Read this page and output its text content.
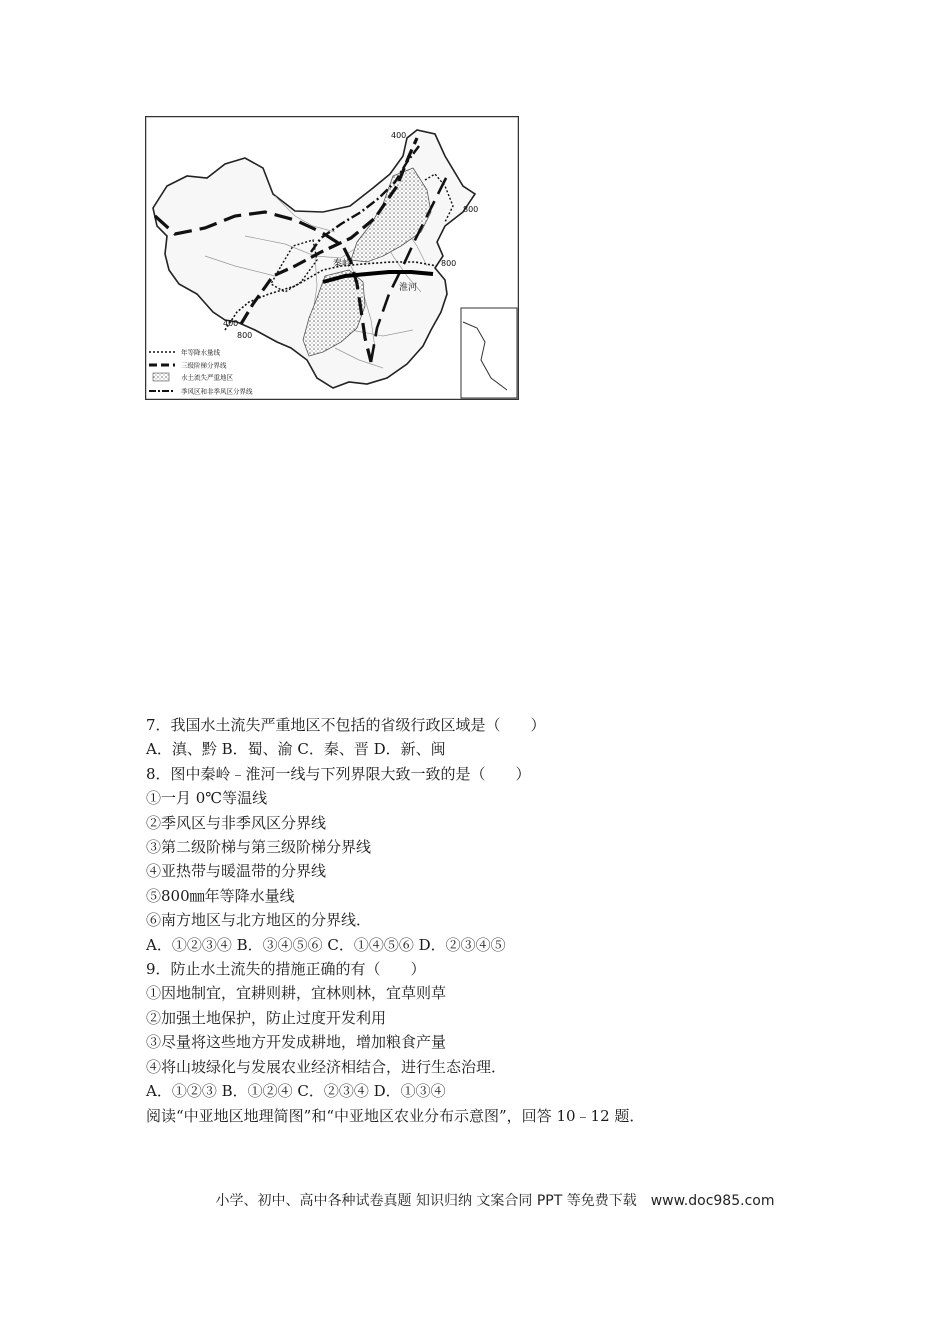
400
800
800
400
800
秦岭
淮河
年等降水量线
三级阶梯分界线
水土流失严重地区
季风区和非季风区分界线
7．我国水土流失严重地区不包括的省级行政区域是（　　）
A．滇、黔 B．蜀、渝 C．秦、晋 D．新、闽
8．图中秦岭﹣淮河一线与下列界限大致一致的是（　　）
①一月 0℃等温线
②季风区与非季风区分界线
③第二级阶梯与第三级阶梯分界线
④亚热带与暖温带的分界线
⑤800㎜年等降水量线
⑥南方地区与北方地区的分界线．
A．①②③④ B．③④⑤⑥ C．①④⑤⑥ D．②③④⑤
9．防止水土流失的措施正确的有（　　）
①因地制宜，宜耕则耕，宜林则林，宜草则草
②加强土地保护，防止过度开发利用
③尽量将这些地方开发成耕地，增加粮食产量
④将山坡绿化与发展农业经济相结合，进行生态治理．
A．①②③ B．①②④ C．②③④ D．①③④
阅读“中亚地区地理简图”和“中亚地区农业分布示意图”，回答 10﹣12 题．
小学、初中、高中各种试卷真题 知识归纳 文案合同 PPT 等免费下载　www.doc985.com
